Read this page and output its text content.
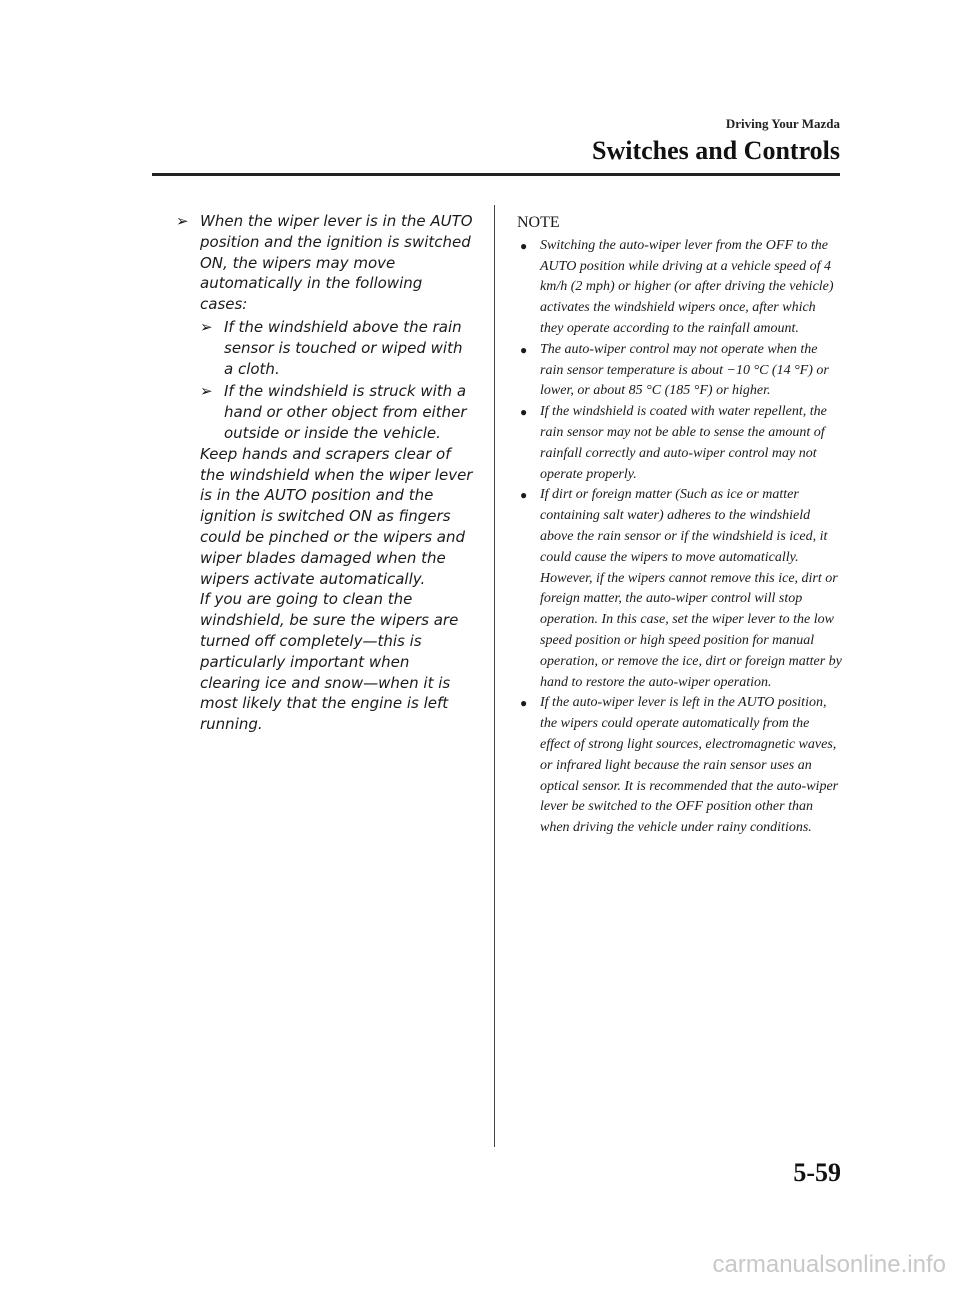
Driving Your Mazda
Switches and Controls
➢ When the wiper lever is in the AUTO position and the ignition is switched ON, the wipers may move automatically in the following cases:
➢ If the windshield above the rain sensor is touched or wiped with a cloth.
➢ If the windshield is struck with a hand or other object from either outside or inside the vehicle.

Keep hands and scrapers clear of the windshield when the wiper lever is in the AUTO position and the ignition is switched ON as fingers could be pinched or the wipers and wiper blades damaged when the wipers activate automatically.

If you are going to clean the windshield, be sure the wipers are turned off completely—this is particularly important when clearing ice and snow—when it is most likely that the engine is left running.

NOTE
● Switching the auto-wiper lever from the OFF to the AUTO position while driving at a vehicle speed of 4 km/h (2 mph) or higher (or after driving the vehicle) activates the windshield wipers once, after which they operate according to the rainfall amount.
● The auto-wiper control may not operate when the rain sensor temperature is about −10 °C (14 °F) or lower, or about 85 °C (185 °F) or higher.
● If the windshield is coated with water repellent, the rain sensor may not be able to sense the amount of rainfall correctly and auto-wiper control may not operate properly.
● If dirt or foreign matter (Such as ice or matter containing salt water) adheres to the windshield above the rain sensor or if the windshield is iced, it could cause the wipers to move automatically. However, if the wipers cannot remove this ice, dirt or foreign matter, the auto-wiper control will stop operation. In this case, set the wiper lever to the low speed position or high speed position for manual operation, or remove the ice, dirt or foreign matter by hand to restore the auto-wiper operation.
● If the auto-wiper lever is left in the AUTO position, the wipers could operate automatically from the effect of strong light sources, electromagnetic waves, or infrared light because the rain sensor uses an optical sensor. It is recommended that the auto-wiper lever be switched to the OFF position other than when driving the vehicle under rainy conditions.
5-59
carmanualsonline.info
